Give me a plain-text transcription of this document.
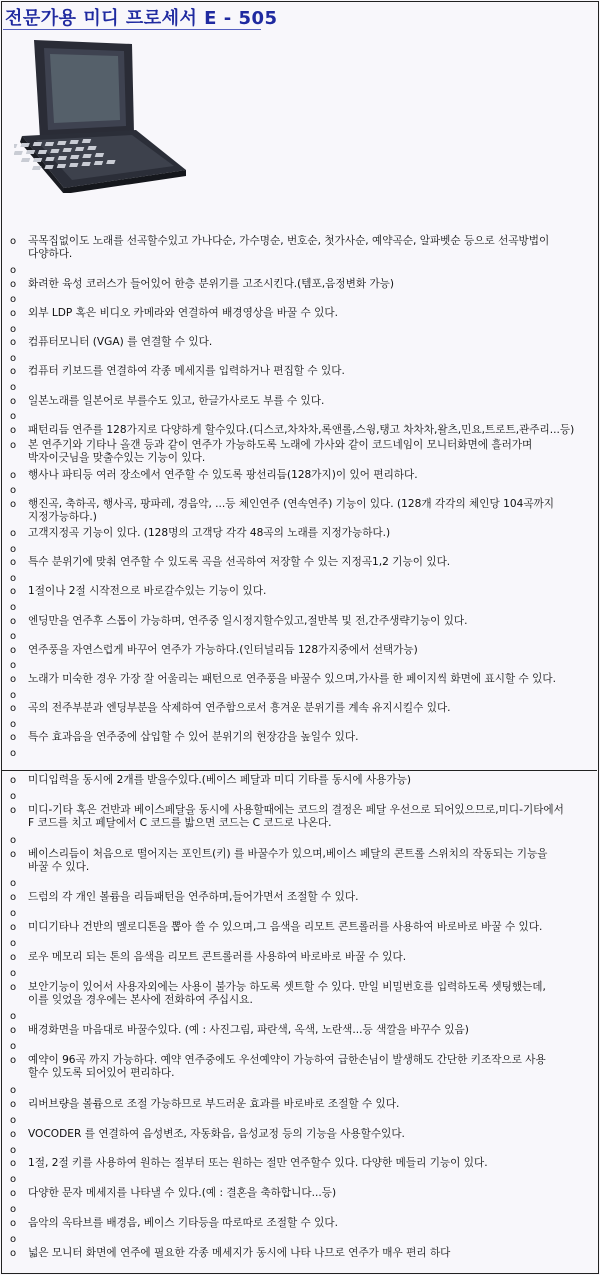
전문가용 미디 프로세서 E - 505
o 곡목집없이도 노래를 선곡할수있고 가나다순, 가수명순, 번호순, 첫가사순, 예약곡순, 알파벳순 등으로 선곡방법이
다양하다.
o

o 화려한 육성 코러스가 들어있어 한층 분위기를 고조시킨다.(템포,음정변화 가능)
o

o 외부 LDP 혹은 비디오 카메라와 연결하여 배경영상을 바꿀 수 있다.
o

o 컴퓨터모니터 (VGA) 를 연결할 수 있다.
o

o 컴퓨터 키보드를 연결하여 각종 메세지를 입력하거나 편집할 수 있다.
o

o 일본노래를 일본어로 부를수도 있고, 한글가사로도 부를 수 있다.
o

o 패턴리듬 연주를 128가지로 다양하게 할수있다.(디스코,차차차,록앤롤,스윙,탱고 차차차,왈츠,민요,트로트,관주리...등)
o 본 연주기와 기타나 올갠 등과 같이 연주가 가능하도록 노래에 가사와 같이 코드네임이 모니터화면에 흘러가며
박자이긋님을 맞출수있는 기능이 있다.
o 행사나 파티등 여러 장소에서 연주할 수 있도록 팡선리듬(128가지)이 있어 편리하다.
o

o 행진곡, 축하곡, 행사곡, 팡파레, 경음악, ...등 체인연주 (연속연주) 기능이 있다. (128개 각각의 체인당 104곡까지
지정가능하다.)
o 고객지정곡 기능이 있다. (128명의 고객당 각각 48곡의 노래를 지정가능하다.)
o

o 특수 분위기에 맞춰 연주할 수 있도록 곡을 선곡하여 저장할 수 있는 지정곡1,2 기능이 있다.
o

o 1절이나 2절 시작전으로 바로갈수있는 기능이 있다.
o

o 엔딩만을 연주후 스톱이 가능하며, 연주중 일시정지할수있고,절반복 및 전,간주생략기능이 있다.
o

o 연주풍을 자연스럽게 바꾸어 연주가 가능하다.(인터널리듬 128가지중에서 선택가능)
o

o 노래가 미숙한 경우 가장 잘 어울리는 패턴으로 연주풍을 바꿀수 있으며,가사를 한 페이지씩 화면에 표시할 수 있다.
o

o 곡의 전주부분과 엔딩부분을 삭제하여 연주함으로서 흥겨운 분위기를 계속 유지시킬수 있다.
o

o 특수 효과음을 연주중에 삽입할 수 있어 분위기의 현장감을 높일수 있다.
o

o 미디입력을 동시에 2개를 받을수있다.(베이스 페달과 미디 기타를 동시에 사용가능)
o

o 미디-기타 혹은 건반과 베이스페달을 동시에 사용할때에는 코드의 결정은 페달 우선으로 되어있으므로,미디-기타에서
F 코드를 치고 페달에서 C 코드를 밟으면 코드는 C 코드로 나온다.
o

o 베이스리듬이 처음으로 떨어지는 포인트(키) 를 바꿀수가 있으며,베이스 페달의 콘트롤 스위치의 작동되는 기능을
바꿀 수 있다.
o

o 드럼의 각 개인 볼륨을 리듬패턴을 연주하며,들어가면서 조절할 수 있다.
o

o 미디기타나 건반의 멜로디톤을 뽑아 쓸 수 있으며,그 음색을 리모트 콘트롤러를 사용하여 바로바로 바꿀 수 있다.
o

o 로우 메모리 되는 톤의 음색을 리모트 콘트롤러를 사용하여 바로바로 바꿀 수 있다.
o

o 보안기능이 있어서 사용자외에는 사용이 불가능 하도록 셋트할 수 있다. 만일 비밀번호를 입력하도록 셋팅했는데,
이를 잊었을 경우에는 본사에 전화하여 주십시요.
o

o 배경화면을 마음대로 바꿀수있다. (예 : 사진그림, 파란색, 옥색, 노란색...등 색깔을 바꾸수 있음)
o

o 예약이 96곡 까지 가능하다. 예약 연주중에도 우선예약이 가능하여 급한손님이 발생해도 간단한 키조작으로 사용
할수 있도록 되어있어 편리하다.
o

o 리버브량을 볼륨으로 조절 가능하므로 부드러운 효과를 바로바로 조절할 수 있다.
o

o VOCODER 를 연결하여 음성변조, 자동화음, 음성교정 등의 기능을 사용할수있다.
o

o 1절, 2절 키를 사용하여 원하는 절부터 또는 원하는 절만 연주할수 있다. 다양한 메들리 기능이 있다.
o

o 다양한 문자 메세지를 나타낼 수 있다.(예 : 결혼을 축하합니다...등)
o

o 음악의 옥타브를 배경음, 베이스 기타등을 따로따로 조절할 수 있다.
o

o 넓은 모니터 화면에 연주에 필요한 각종 메세지가 동시에 나타 나므로 연주가 매우 편리 하다
